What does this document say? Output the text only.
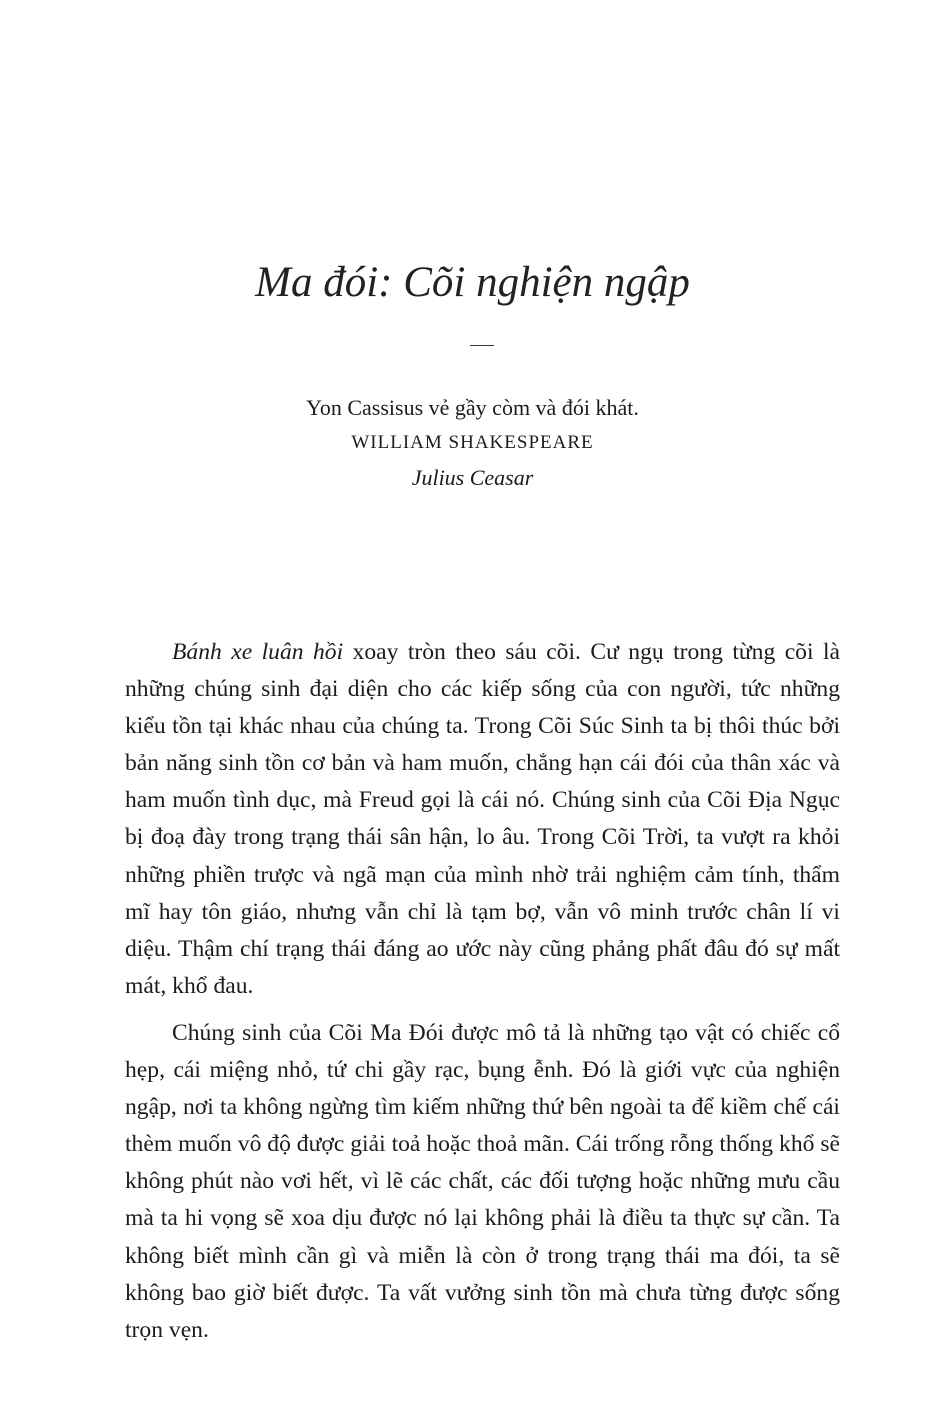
Ma đói: Cõi nghiện ngập
Yon Cassisus vẻ gầy còm và đói khát.
WILLIAM SHAKESPEARE
Julius Ceasar

Bánh xe luân hồi xoay tròn theo sáu cõi. Cư ngụ trong từng cõi là những chúng sinh đại diện cho các kiếp sống của con người, tức những kiểu tồn tại khác nhau của chúng ta. Trong Cõi Súc Sinh ta bị thôi thúc bởi bản năng sinh tồn cơ bản và ham muốn, chẳng hạn cái đói của thân xác và ham muốn tình dục, mà Freud gọi là cái nó. Chúng sinh của Cõi Địa Ngục bị đoạ đày trong trạng thái sân hận, lo âu. Trong Cõi Trời, ta vượt ra khỏi những phiền trược và ngã mạn của mình nhờ trải nghiệm cảm tính, thẩm mĩ hay tôn giáo, nhưng vẫn chỉ là tạm bợ, vẫn vô minh trước chân lí vi diệu. Thậm chí trạng thái đáng ao ước này cũng phảng phất đâu đó sự mất mát, khổ đau.

Chúng sinh của Cõi Ma Đói được mô tả là những tạo vật có chiếc cổ hẹp, cái miệng nhỏ, tứ chi gầy rạc, bụng ễnh. Đó là giới vực của nghiện ngập, nơi ta không ngừng tìm kiếm những thứ bên ngoài ta để kiềm chế cái thèm muốn vô độ được giải toả hoặc thoả mãn. Cái trống rỗng thống khổ sẽ không phút nào vơi hết, vì lẽ các chất, các đối tượng hoặc những mưu cầu mà ta hi vọng sẽ xoa dịu được nó lại không phải là điều ta thực sự cần. Ta không biết mình cần gì và miễn là còn ở trong trạng thái ma đói, ta sẽ không bao giờ biết được. Ta vất vưởng sinh tồn mà chưa từng được sống trọn vẹn.
